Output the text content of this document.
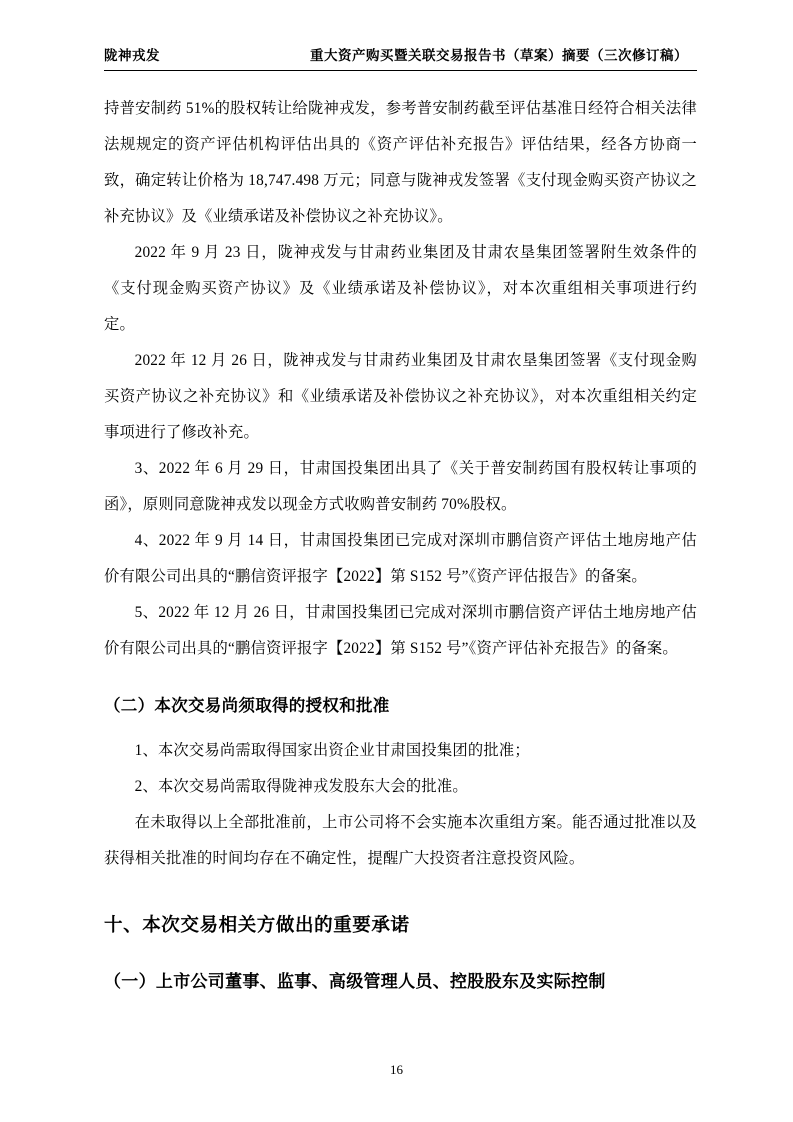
陇神戎发	重大资产购买暨关联交易报告书（草案）摘要（三次修订稿）

持普安制药 51%的股权转让给陇神戎发，参考普安制药截至评估基准日经符合相关法律法规规定的资产评估机构评估出具的《资产评估补充报告》评估结果，经各方协商一致，确定转让价格为 18,747.498 万元；同意与陇神戎发签署《支付现金购买资产协议之补充协议》及《业绩承诺及补偿协议之补充协议》。

2022 年 9 月 23 日，陇神戎发与甘肃药业集团及甘肃农垦集团签署附生效条件的《支付现金购买资产协议》及《业绩承诺及补偿协议》，对本次重组相关事项进行约定。

2022 年 12 月 26 日，陇神戎发与甘肃药业集团及甘肃农垦集团签署《支付现金购买资产协议之补充协议》和《业绩承诺及补偿协议之补充协议》，对本次重组相关约定事项进行了修改补充。

3、2022 年 6 月 29 日，甘肃国投集团出具了《关于普安制药国有股权转让事项的函》，原则同意陇神戎发以现金方式收购普安制药 70%股权。

4、2022 年 9 月 14 日，甘肃国投集团已完成对深圳市鹏信资产评估土地房地产估价有限公司出具的“鹏信资评报字【2022】第 S152 号”《资产评估报告》的备案。

5、2022 年 12 月 26 日，甘肃国投集团已完成对深圳市鹏信资产评估土地房地产估价有限公司出具的“鹏信资评报字【2022】第 S152 号”《资产评估补充报告》的备案。

（二）本次交易尚须取得的授权和批准

1、本次交易尚需取得国家出资企业甘肃国投集团的批准；

2、本次交易尚需取得陇神戎发股东大会的批准。

在未取得以上全部批准前，上市公司将不会实施本次重组方案。能否通过批准以及获得相关批准的时间均存在不确定性，提醒广大投资者注意投资风险。

十、本次交易相关方做出的重要承诺
（一）上市公司董事、监事、高级管理人员、控股股东及实际控制
16
